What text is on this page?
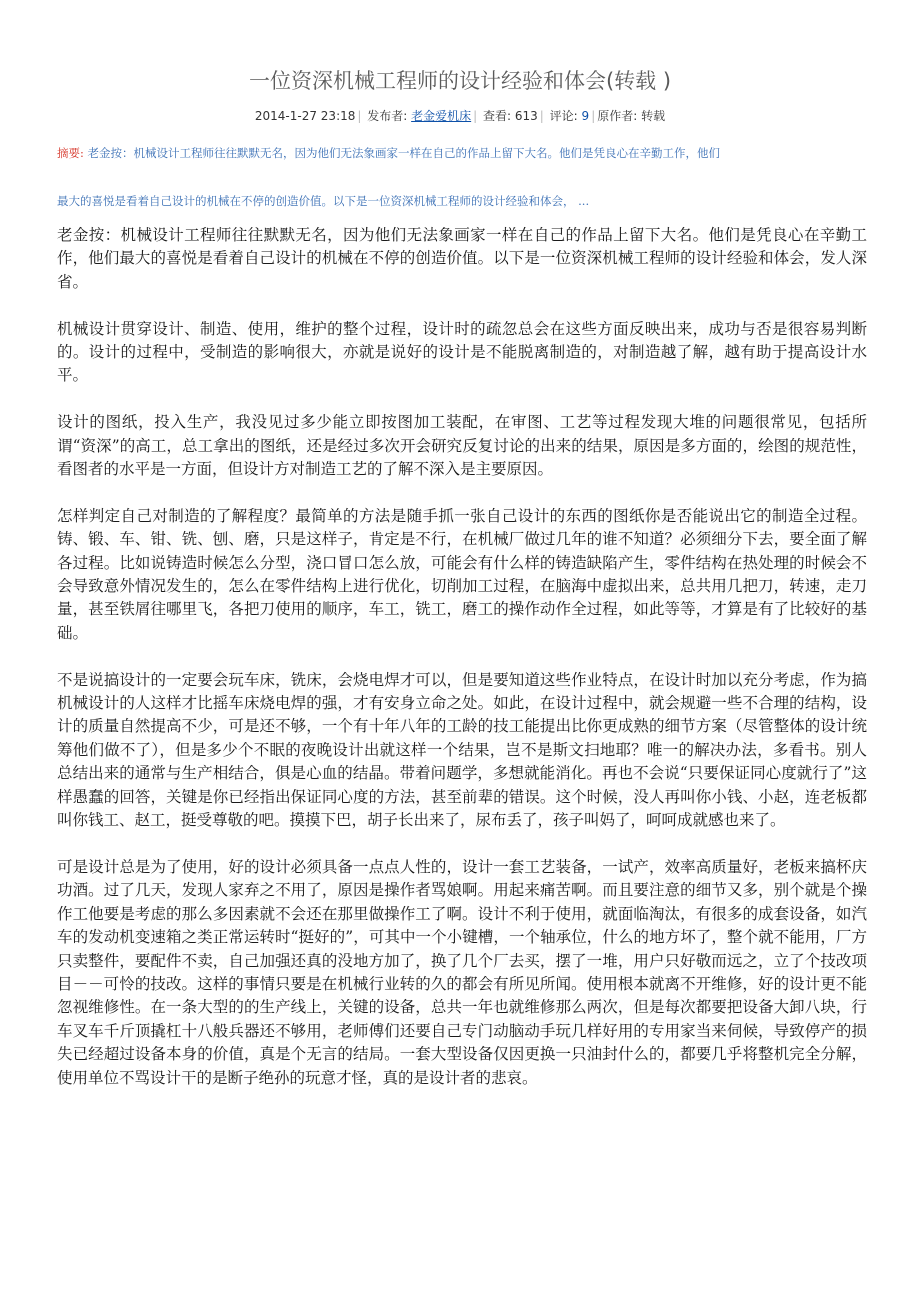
一位资深机械工程师的设计经验和体会(转载 )
2014-1-27 23:18 | 发布者: 老金爱机床 | 查看: 613 | 评论: 9 | 原作者: 转载
摘要: 老金按：机械设计工程师往往默默无名，因为他们无法象画家一样在自己的作品上留下大名。他们是凭良心在辛勤工作，他们
最大的喜悦是看着自己设计的机械在不停的创造价值。以下是一位资深机械工程师的设计经验和体会， ...

老金按：机械设计工程师往往默默无名，因为他们无法象画家一样在自己的作品上留下大名。他们是凭良心在辛勤工作，他们最大的喜悦是看着自己设计的机械在不停的创造价值。以下是一位资深机械工程师的设计经验和体会，发人深省。

机械设计贯穿设计、制造、使用，维护的整个过程，设计时的疏忽总会在这些方面反映出来，成功与否是很容易判断的。设计的过程中，受制造的影响很大，亦就是说好的设计是不能脱离制造的，对制造越了解，越有助于提高设计水平。

设计的图纸，投入生产，我没见过多少能立即按图加工装配，在审图、工艺等过程发现大堆的问题很常见，包括所谓“资深”的高工，总工拿出的图纸，还是经过多次开会研究反复讨论的出来的结果，原因是多方面的，绘图的规范性，看图者的水平是一方面，但设计方对制造工艺的了解不深入是主要原因。

怎样判定自己对制造的了解程度？最简单的方法是随手抓一张自己设计的东西的图纸你是否能说出它的制造全过程。铸、锻、车、钳、铣、刨、磨，只是这样子，肯定是不行，在机械厂做过几年的谁不知道？必须细分下去，要全面了解各过程。比如说铸造时候怎么分型，浇口冒口怎么放，可能会有什么样的铸造缺陷产生，零件结构在热处理的时候会不会导致意外情况发生的，怎么在零件结构上进行优化，切削加工过程，在脑海中虚拟出来，总共用几把刀，转速，走刀量，甚至铁屑往哪里飞，各把刀使用的顺序，车工，铣工，磨工的操作动作全过程，如此等等，才算是有了比较好的基础。

不是说搞设计的一定要会玩车床，铣床，会烧电焊才可以，但是要知道这些作业特点，在设计时加以充分考虑，作为搞机械设计的人这样才比摇车床烧电焊的强，才有安身立命之处。如此，在设计过程中，就会规避一些不合理的结构，设计的质量自然提高不少，可是还不够，一个有十年八年的工龄的技工能提出比你更成熟的细节方案（尽管整体的设计统筹他们做不了），但是多少个不眠的夜晚设计出就这样一个结果，岂不是斯文扫地耶？唯一的解决办法，多看书。别人总结出来的通常与生产相结合，俱是心血的结晶。带着问题学，多想就能消化。再也不会说“只要保证同心度就行了”这样愚蠢的回答，关键是你已经指出保证同心度的方法，甚至前辈的错误。这个时候，没人再叫你小钱、小赵，连老板都叫你钱工、赵工，挺受尊敬的吧。摸摸下巴，胡子长出来了，尿布丢了，孩子叫妈了，呵呵成就感也来了。

可是设计总是为了使用，好的设计必须具备一点点人性的，设计一套工艺装备，一试产，效率高质量好，老板来搞杯庆功酒。过了几天，发现人家弃之不用了，原因是操作者骂娘啊。用起来痛苦啊。而且要注意的细节又多，别个就是个操作工他要是考虑的那么多因素就不会还在那里做操作工了啊。设计不利于使用，就面临淘汰，有很多的成套设备，如汽车的发动机变速箱之类正常运转时“挺好的”，可其中一个小键槽，一个轴承位，什么的地方坏了，整个就不能用，厂方只卖整件，要配件不卖，自己加强还真的没地方加了，换了几个厂去买，摆了一堆，用户只好敬而远之，立了个技改项目－－可怜的技改。这样的事情只要是在机械行业转的久的都会有所见所闻。使用根本就离不开维修，好的设计更不能忽视维修性。在一条大型的的生产线上，关键的设备，总共一年也就维修那么两次，但是每次都要把设备大卸八块，行车叉车千斤顶撬杠十八般兵器还不够用，老师傅们还要自己专门动脑动手玩几样好用的专用家当来伺候，导致停产的损失已经超过设备本身的价值，真是个无言的结局。一套大型设备仅因更换一只油封什么的，都要几乎将整机完全分解，使用单位不骂设计干的是断子绝孙的玩意才怪，真的是设计者的悲哀。
